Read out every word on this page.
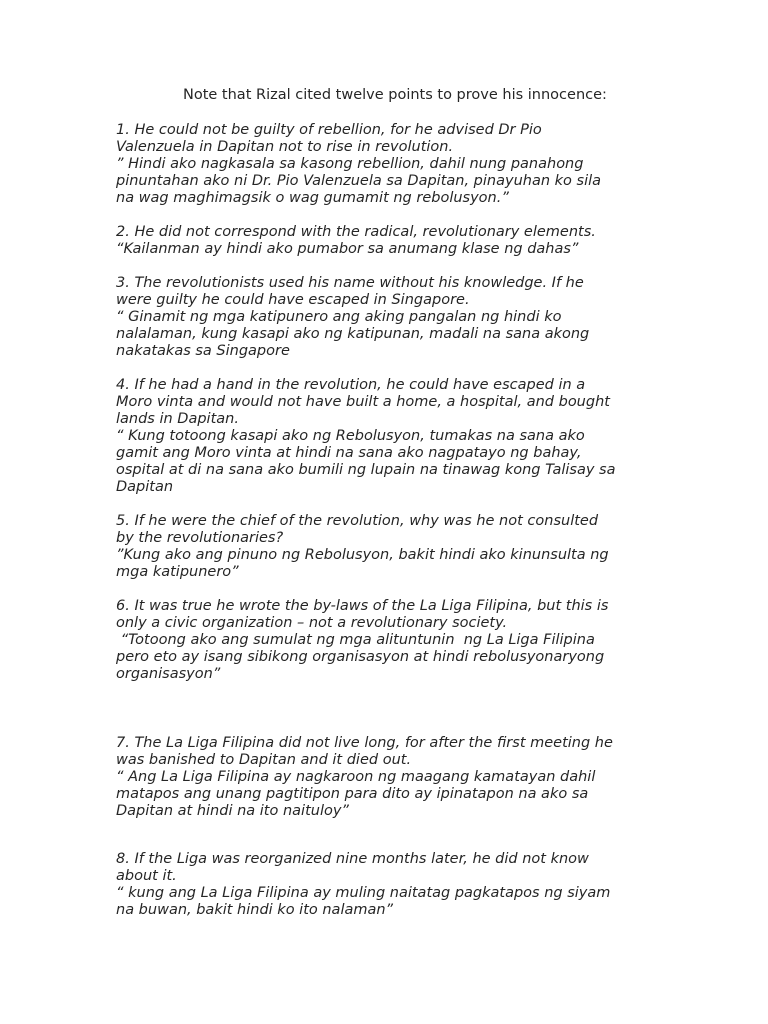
Note that Rizal cited twelve points to prove his innocence:
1. He could not be guilty of rebellion, for he advised Dr Pio
Valenzuela in Dapitan not to rise in revolution.
” Hindi ako nagkasala sa kasong rebellion, dahil nung panahong
pinuntahan ako ni Dr. Pio Valenzuela sa Dapitan, pinayuhan ko sila
na wag maghimagsik o wag gumamit ng rebolusyon.”
2. He did not correspond with the radical, revolutionary elements.
“Kailanman ay hindi ako pumabor sa anumang klase ng dahas”
3. The revolutionists used his name without his knowledge. If he
were guilty he could have escaped in Singapore.
“ Ginamit ng mga katipunero ang aking pangalan ng hindi ko
nalalaman, kung kasapi ako ng katipunan, madali na sana akong
nakatakas sa Singapore
4. If he had a hand in the revolution, he could have escaped in a
Moro vinta and would not have built a home, a hospital, and bought
lands in Dapitan.
“ Kung totoong kasapi ako ng Rebolusyon, tumakas na sana ako
gamit ang Moro vinta at hindi na sana ako nagpatayo ng bahay,
ospital at di na sana ako bumili ng lupain na tinawag kong Talisay sa
Dapitan
5. If he were the chief of the revolution, why was he not consulted
by the revolutionaries?
”Kung ako ang pinuno ng Rebolusyon, bakit hindi ako kinunsulta ng
mga katipunero”
6. It was true he wrote the by-laws of the La Liga Filipina, but this is
only a civic organization – not a revolutionary society.
“Totoong ako ang sumulat ng mga alituntunin  ng La Liga Filipina
pero eto ay isang sibikong organisasyon at hindi rebolusyonaryong
organisasyon”
7. The La Liga Filipina did not live long, for after the first meeting he
was banished to Dapitan and it died out.
“ Ang La Liga Filipina ay nagkaroon ng maagang kamatayan dahil
matapos ang unang pagtitipon para dito ay ipinatapon na ako sa
Dapitan at hindi na ito naituloy”
8. If the Liga was reorganized nine months later, he did not know
about it.
“ kung ang La Liga Filipina ay muling naitatag pagkatapos ng siyam
na buwan, bakit hindi ko ito nalaman”
